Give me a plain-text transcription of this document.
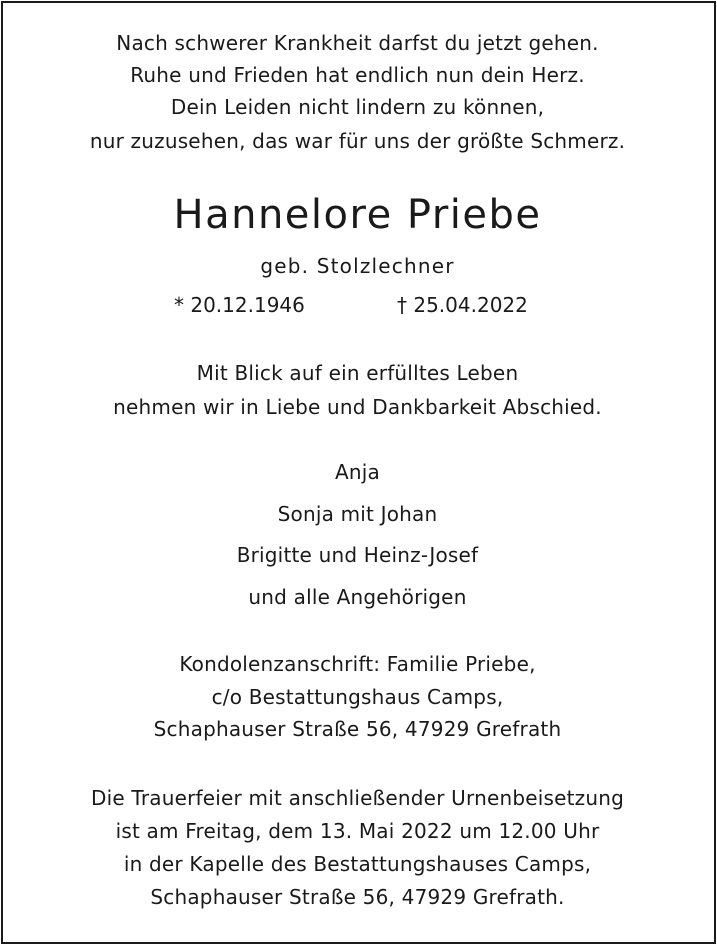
Nach schwerer Krankheit darfst du jetzt gehen.
Ruhe und Frieden hat endlich nun dein Herz.
Dein Leiden nicht lindern zu können,
nur zuzusehen, das war für uns der größte Schmerz.
Hannelore Priebe
geb. Stolzlechner
* 20.12.1946	† 25.04.2022
Mit Blick auf ein erfülltes Leben
nehmen wir in Liebe und Dankbarkeit Abschied.
Anja
Sonja mit Johan
Brigitte und Heinz-Josef
und alle Angehörigen
Kondolenzanschrift: Familie Priebe,
c/o Bestattungshaus Camps,
Schaphauser Straße 56, 47929 Grefrath
Die Trauerfeier mit anschließender Urnenbeisetzung
ist am Freitag, dem 13. Mai 2022 um 12.00 Uhr
in der Kapelle des Bestattungshauses Camps,
Schaphauser Straße 56, 47929 Grefrath.
